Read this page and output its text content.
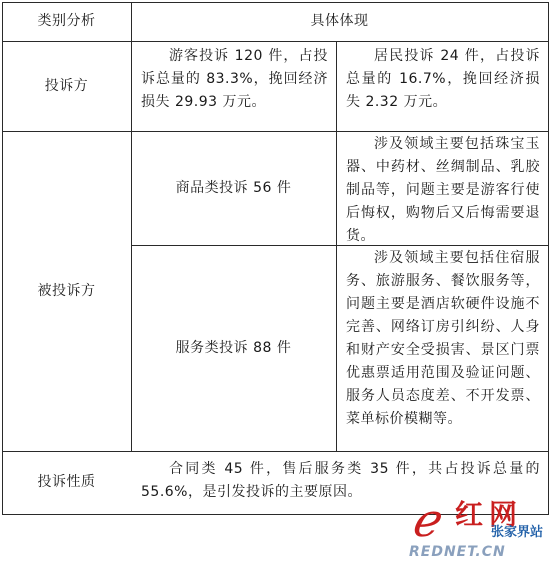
类别分析	具体体现
投诉方
游客投诉 120 件，占投诉总量的 83.3%，挽回经济损失 29.93 万元。
居民投诉 24 件，占投诉总量的 16.7%，挽回经济损失 2.32 万元。
被投诉方
商品类投诉 56 件
涉及领域主要包括珠宝玉器、中药材、丝绸制品、乳胶制品等，问题主要是游客行使后悔权，购物后又后悔需要退货。
服务类投诉 88 件
涉及领域主要包括住宿服务、旅游服务、餐饮服务等，问题主要是酒店软硬件设施不完善、网络订房引纠纷、人身和财产安全受损害、景区门票优惠票适用范围及验证问题、服务人员态度差、不开发票、菜单标价模糊等。
投诉性质
合同类 45 件，售后服务类 35 件，共占投诉总量的 55.6%，是引发投诉的主要原因。
ℯ 红网
张家界站
REDNET.CN
